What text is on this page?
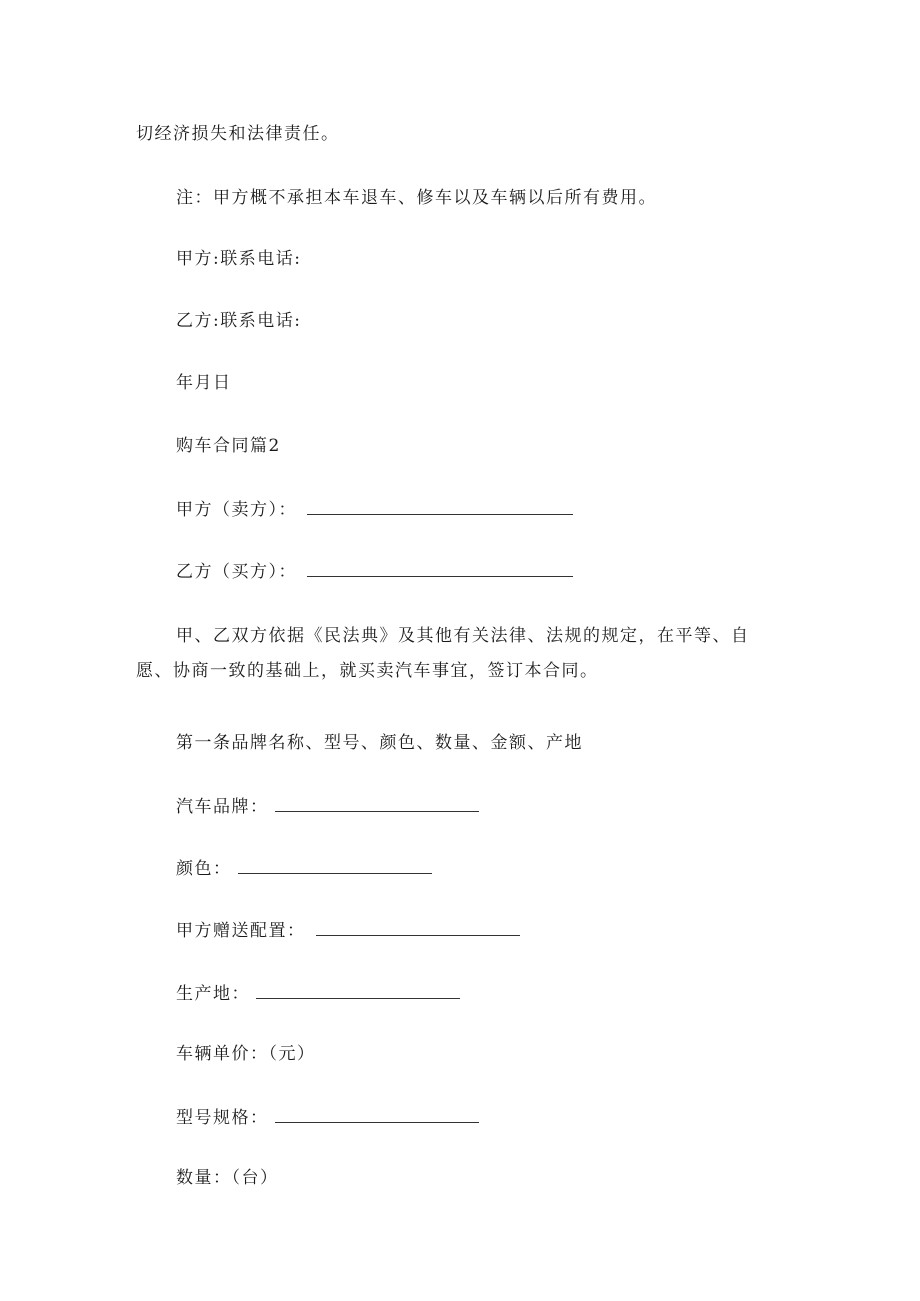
切经济损失和法律责任。
注：甲方概不承担本车退车、修车以及车辆以后所有费用。
甲方:联系电话:
乙方:联系电话:
年月日
购车合同篇2
甲方（卖方）：
乙方（买方）：
甲、乙双方依据《民法典》及其他有关法律、法规的规定，在平等、自愿、协商一致的基础上，就买卖汽车事宜，签订本合同。
第一条品牌名称、型号、颜色、数量、金额、产地
汽车品牌：
颜色：
甲方赠送配置：
生产地：
车辆单价：（元）
型号规格：
数量：（台）
